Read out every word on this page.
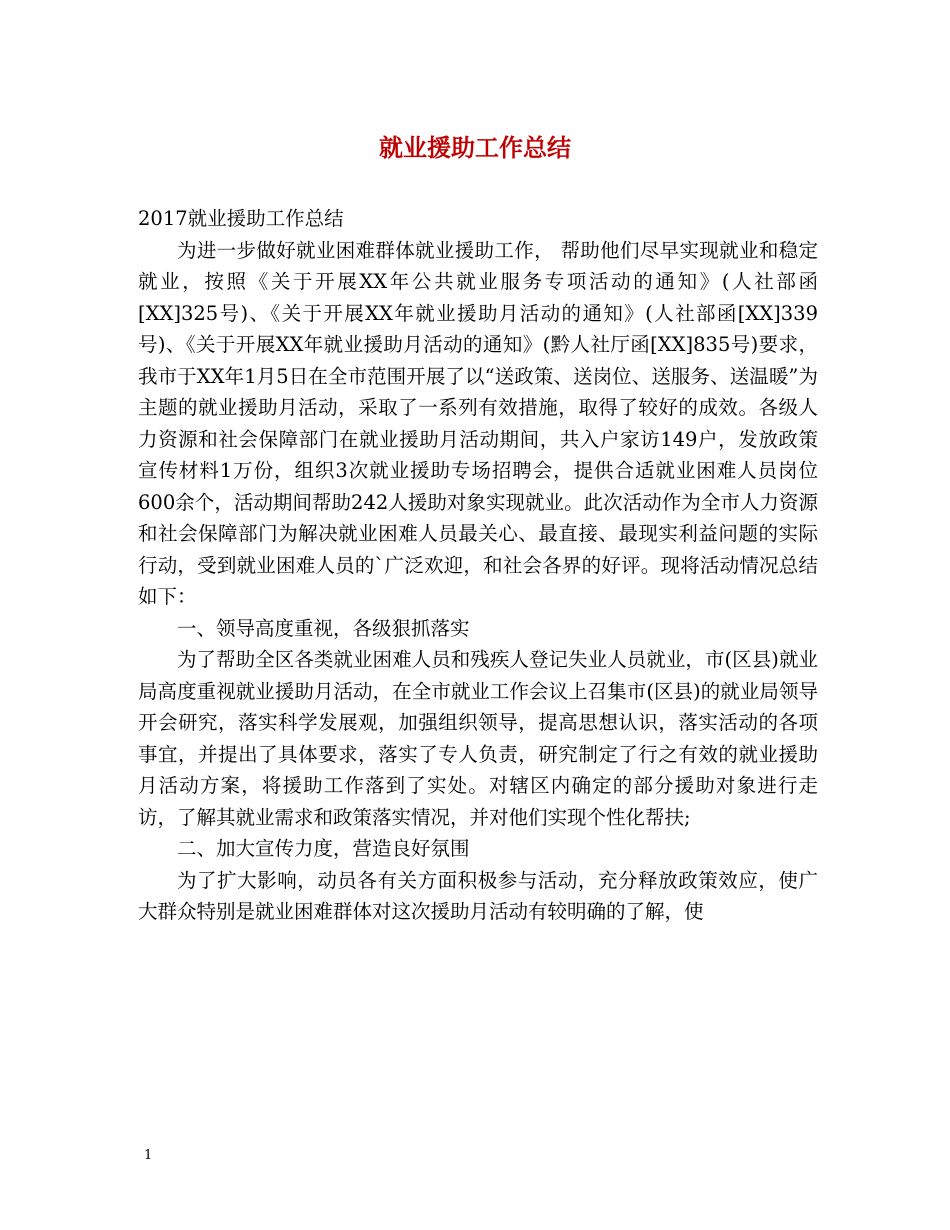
就业援助工作总结

2017就业援助工作总结

为进一步做好就业困难群体就业援助工作， 帮助他们尽早实现就业和稳定就业，按照《关于开展XX年公共就业服务专项活动的通知》(人社部函[XX]325号)、《关于开展XX年就业援助月活动的通知》(人社部函[XX]339号)、《关于开展XX年就业援助月活动的通知》(黔人社厅函[XX]835号)要求，我市于XX年1月5日在全市范围开展了以“送政策、送岗位、送服务、送温暖”为主题的就业援助月活动，采取了一系列有效措施，取得了较好的成效。各级人力资源和社会保障部门在就业援助月活动期间，共入户家访149户，发放政策宣传材料1万份，组织3次就业援助专场招聘会，提供合适就业困难人员岗位600余个，活动期间帮助242人援助对象实现就业。此次活动作为全市人力资源和社会保障部门为解决就业困难人员最关心、最直接、最现实利益问题的实际行动，受到就业困难人员的`广泛欢迎，和社会各界的好评。现将活动情况总结如下：

一、领导高度重视，各级狠抓落实

为了帮助全区各类就业困难人员和残疾人登记失业人员就业，市(区县)就业局高度重视就业援助月活动，在全市就业工作会议上召集市(区县)的就业局领导开会研究，落实科学发展观，加强组织领导，提高思想认识，落实活动的各项事宜，并提出了具体要求，落实了专人负责，研究制定了行之有效的就业援助月活动方案，将援助工作落到了实处。对辖区内确定的部分援助对象进行走访，了解其就业需求和政策落实情况，并对他们实现个性化帮扶;

二、加大宣传力度，营造良好氛围

为了扩大影响，动员各有关方面积极参与活动，充分释放政策效应，使广大群众特别是就业困难群体对这次援助月活动有较明确的了解，使

1
